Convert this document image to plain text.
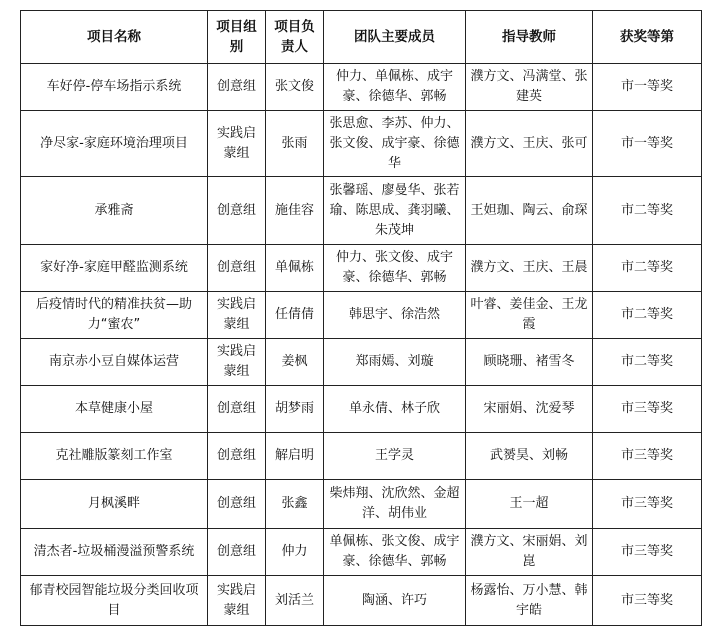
项目名称	项目组别	项目负责人	团队主要成员	指导教师	获奖等第
车好停-停车场指示系统	创意组	张文俊	仲力、单佩栋、成宇豪、徐德华、郭畅	濮方文、冯满堂、张建英	市一等奖
净尽家-家庭环境治理项目	实践启蒙组	张雨	张思愈、李苏、仲力、张文俊、成宇豪、徐德华	濮方文、王庆、张可	市一等奖
承雅斋	创意组	施佳容	张馨瑶、廖曼华、张若瑜、陈思成、龚羽曦、朱茂坤	王妲珈、陶云、俞琛	市二等奖
家好净-家庭甲醛监测系统	创意组	单佩栋	仲力、张文俊、成宇豪、徐德华、郭畅	濮方文、王庆、王晨	市二等奖
后疫情时代的精准扶贫—助力“蜜农”	实践启蒙组	任倩倩	韩思宇、徐浩然	叶睿、姜佳金、王龙霞	市二等奖
南京赤小豆自媒体运营	实践启蒙组	姜枫	郑雨嫣、刘璇	顾晓珊、褚雪冬	市二等奖
本草健康小屋	创意组	胡梦雨	单永倩、林子欣	宋丽娟、沈爱琴	市三等奖
克社雕版篆刻工作室	创意组	解启明	王学灵	武赟昊、刘畅	市三等奖
月枫溪畔	创意组	张鑫	柴炜翔、沈欣然、金超洋、胡伟业	王一超	市三等奖
清杰者-垃圾桶漫溢预警系统	创意组	仲力	单佩栋、张文俊、成宇豪、徐德华、郭畅	濮方文、宋丽娟、刘崑	市三等奖
郁青校园智能垃圾分类回收项目	实践启蒙组	刘活兰	陶涵、许巧	杨露怡、万小慧、韩宇皓	市三等奖
